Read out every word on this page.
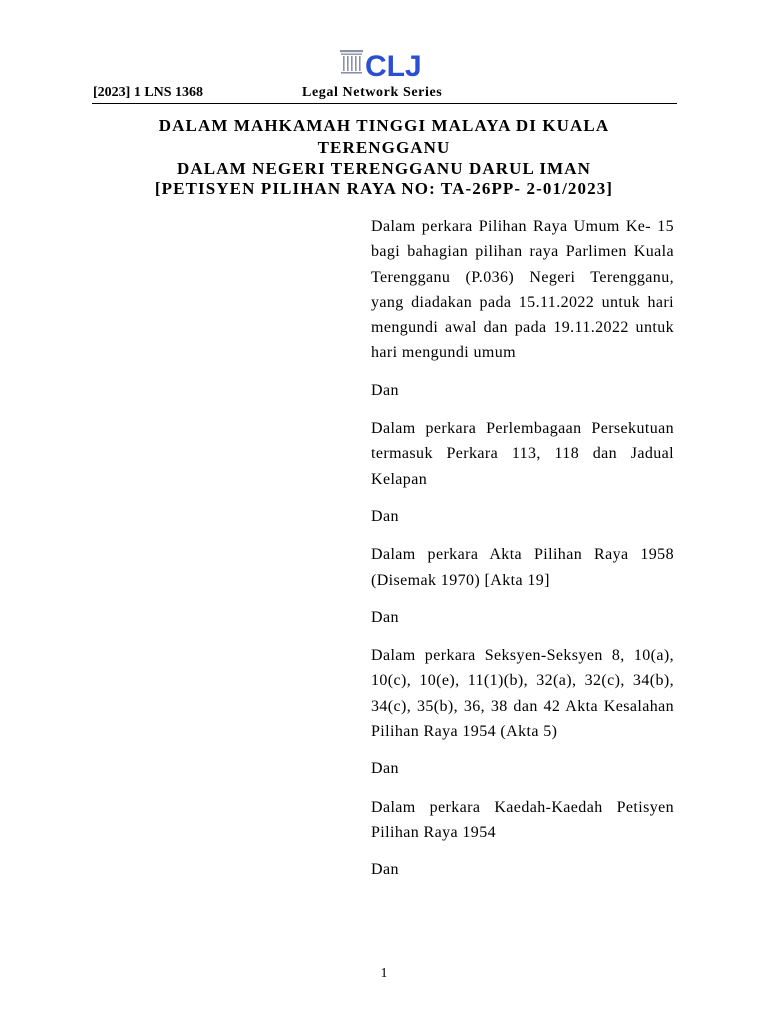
CLJ
[2023] 1 LNS 1368	Legal Network Series
DALAM MAHKAMAH TINGGI MALAYA DI KUALA
TERENGGANU
DALAM NEGERI TERENGGANU DARUL IMAN
[PETISYEN PILIHAN RAYA NO: TA-26PP- 2-01/2023]

Dalam perkara Pilihan Raya Umum Ke- 15 bagi bahagian pilihan raya Parlimen Kuala Terengganu (P.036) Negeri Terengganu, yang diadakan pada 15.11.2022 untuk hari mengundi awal dan pada 19.11.2022 untuk hari mengundi umum

Dan

Dalam perkara Perlembagaan Persekutuan termasuk Perkara 113, 118 dan Jadual Kelapan

Dan

Dalam perkara Akta Pilihan Raya 1958 (Disemak 1970) [Akta 19]

Dan

Dalam perkara Seksyen-Seksyen 8, 10(a), 10(c), 10(e), 11(1)(b), 32(a), 32(c), 34(b), 34(c), 35(b), 36, 38 dan 42 Akta Kesalahan Pilihan Raya 1954 (Akta 5)

Dan

Dalam perkara Kaedah-Kaedah Petisyen Pilihan Raya 1954

Dan

1
